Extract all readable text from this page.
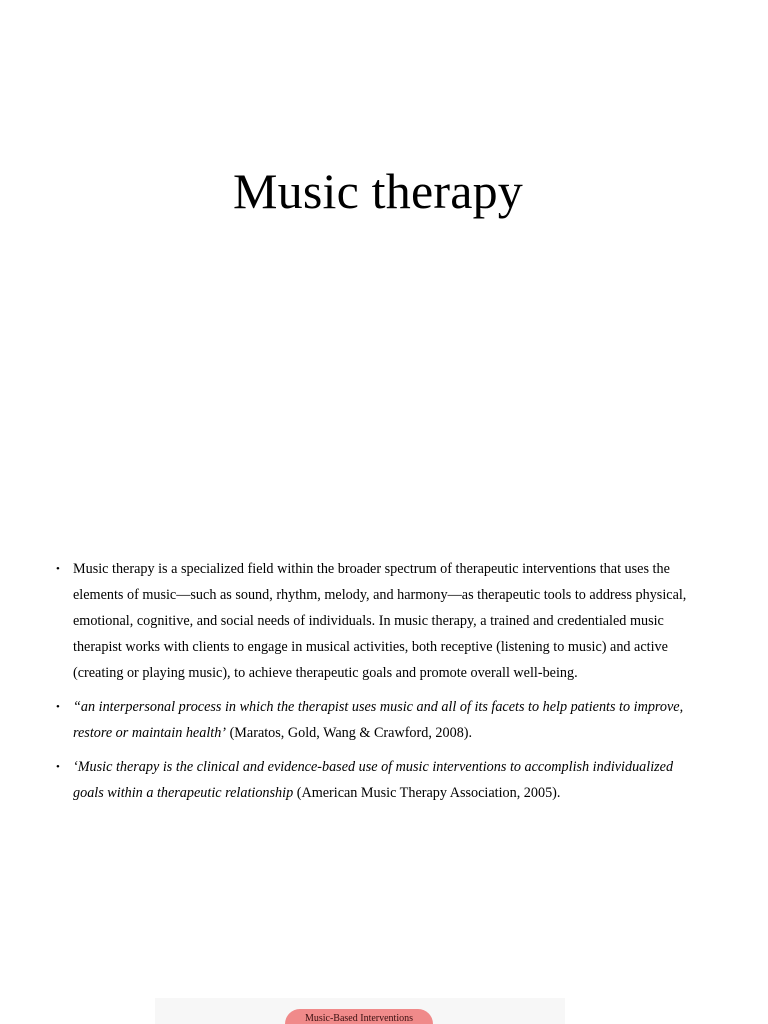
Music therapy
• Music therapy is a specialized field within the broader spectrum of therapeutic interventions that uses the elements of music—such as sound, rhythm, melody, and harmony—as therapeutic tools to address physical, emotional, cognitive, and social needs of individuals. In music therapy, a trained and credentialed music therapist works with clients to engage in musical activities, both receptive (listening to music) and active (creating or playing music), to achieve therapeutic goals and promote overall well-being.
• “an interpersonal process in which the therapist uses music and all of its facets to help patients to improve, restore or maintain health’ (Maratos, Gold, Wang & Crawford, 2008).
• ‘Music therapy is the clinical and evidence-based use of music interventions to accomplish individualized goals within a therapeutic relationship (American Music Therapy Association, 2005).
Music-Based Interventions
